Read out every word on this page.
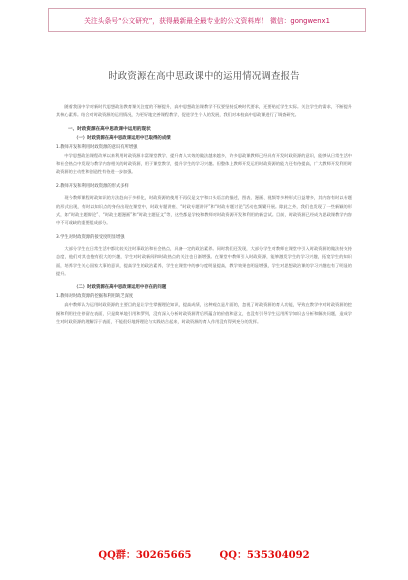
关注头条号“公文研究”，获得最新最全最专业的公文资料库！ 微信：gongwenx1
时政资源在高中思政课中的运用情况调查报告

随着我国中学对新时代思想政治教育课关注度的不断提升，高中思想政治课教学不仅要坚持反映时代要求，还要贴近学生实际。关注学生的需求，不断提升其核心素养。结合对时政资源的运用情况，为更好地完善课程教学，促进学生个人的发展，我们对本校高中思政课进行了调查研究。

一、时政资源在高中思政课中运用的现状
（一）时政资源在高中思政课运用中已取得的成绩
1.教师开发和利用时政资源的意识有所增强

中学思想政治课程改革以来利用时政资源丰富课堂教学、提升育人实效的做法越来越多，许多思政课教师已经具有开发时政资源的意识，能够从日常生活中和社会热点中发现与教学内容相关的时政资源，用于课堂教学，提升学生的学习兴趣。但整体上教师开发运用时政资源的能力还有待提高，广大教师开发利用时政资源的主动性和创造性有待进一步加强。

2.教师开发和利用时政资源的形式多样

现今教师课程时政知识的方法趋向于多样化，时政资源的使用不再仅是文字和口头语言的描述，图表、漫画、视频等多种形式日益增多，其内容有时以专题的形式出现，有时以知识点的身份出现在课堂中，时政专题讲座、“时政专题讲评”和“时政专题讨论”活动也频繁开展。除此之外，我们也发现了一些新颖的形式，如“时政主题辩论”、“时政主题漫画”和“时政主题征文”等，这些都是学校和教师对时政资源开发和利用的新尝试。目前，时政资源已经成为思政课教学内容中不可或缺的重要组成部分。

3.学生对时政资源的接受度明显增强

大部分学生在日常生活中都比较关注时事政治和社会热点，具备一定的政治素养。同时我们还发现，大部分学生对教师在课堂中引入时政资源的做法持支持态度，他们对其也抱有很大的兴趣，学生对时政新闻和时政热点的关注也日渐增强。在课堂中教师引入时政资源，能够激发学生的学习兴趣，拓宽学生的知识面，培养学生关心国家大事的意识，提高学生的政治素养，学生在课堂中的参与度明显提高，教学效果也明显增强，学生对思想政治课的学习兴趣也有了明显的提升。

（二）时政资源在高中思政课运用中存在的问题
1.教师对时政资源的挖掘和利用缺乏深度

高中教师认为运用时政资源的主要目的是让学生掌握理论知识，提高成绩，这种观点是片面的，忽视了时政资源的育人功能，导致在教学中对时政资源的挖掘和利用往往停留在表面，只是简单地引用和罗列，没有深入分析时政资源背后所蕴含的价值和意义，也没有引导学生运用所学知识去分析和解决问题，造成学生对时政资源的理解浮于表面，不能很好地将理论与实践结合起来，时政资源的育人作用没有得到充分的发挥。

QQ群：30265665	QQ：535304092
